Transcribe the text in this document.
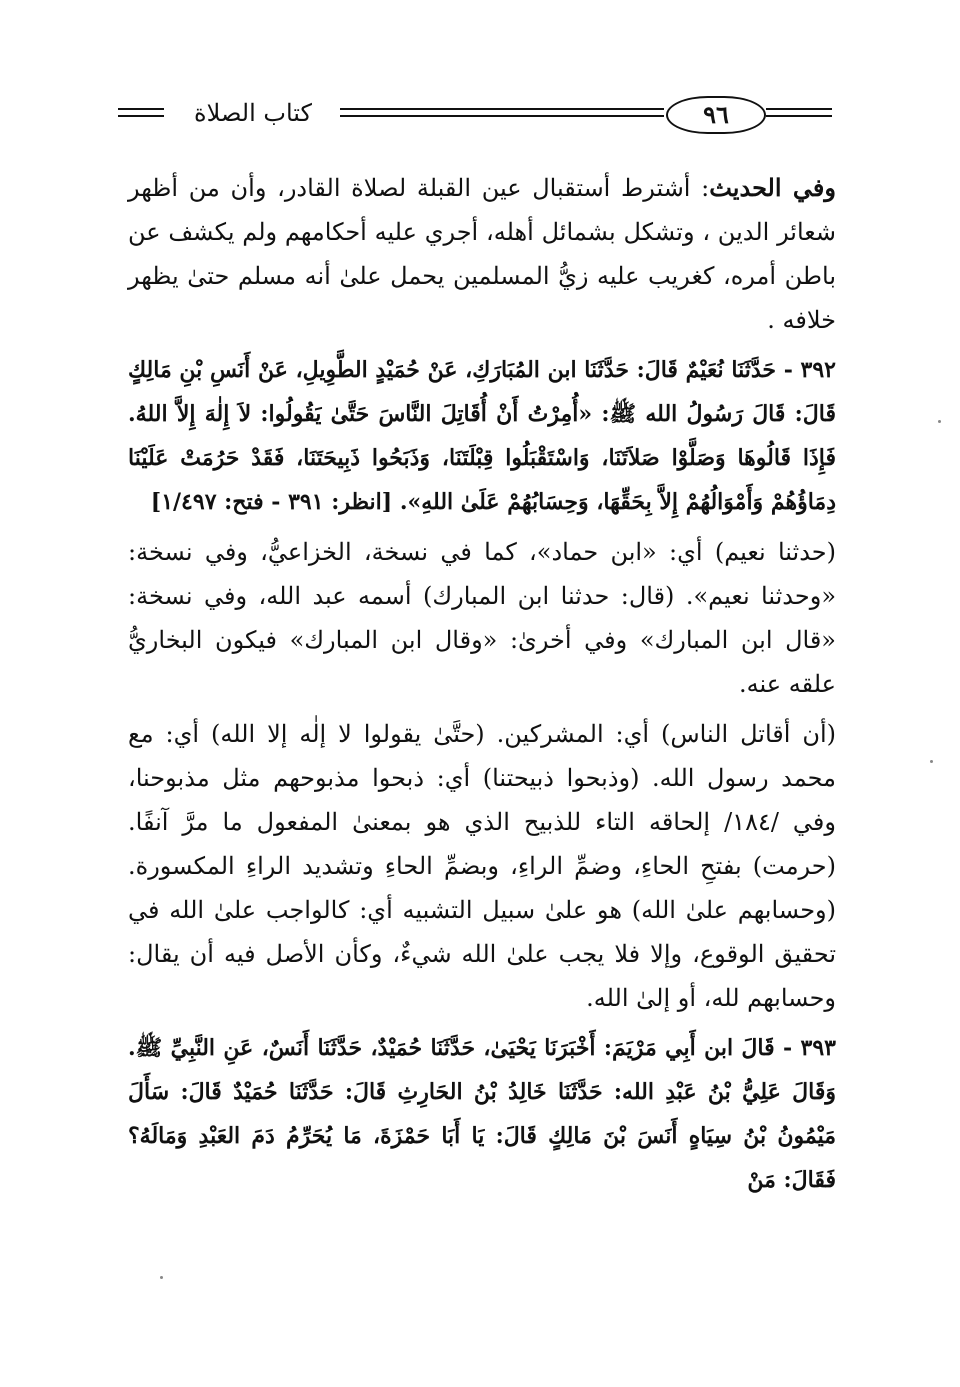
كتاب الصلاة	٩٦

وفي الحديث: أشترط أستقبال عين القبلة لصلاة القادر، وأن من أظهر شعائر الدين ، وتشكل بشمائل أهله، أجري عليه أحكامهم ولم يكشف عن باطن أمره، كغريب عليه زيُّ المسلمين يحمل علىٰ أنه مسلم حتىٰ يظهر خلافه .

٣٩٢ - حَدَّثَنَا نُعَيْمٌ قَالَ: حَدَّثَنَا ابن المُبَارَكِ، عَنْ حُمَيْدٍ الطَّوِيلِ، عَنْ أَنَسِ بْنِ مَالِكٍ قَالَ: قَالَ رَسُولُ الله ﷺ: «أُمِرْتُ أَنْ أُقَاتِلَ النَّاسَ حَتَّىٰ يَقُولُوا: لاَ إِلٰهَ إِلاَّ اللهُ. فَإِذَا قَالُوهَا وَصَلَّوْا صَلاَتَنَا، وَاسْتَقْبَلُوا قِبْلَتَنَا، وَذَبَحُوا ذَبِيحَتَنَا، فَقَدْ حَرُمَتْ عَلَيْنَا دِمَاؤُهُمْ وَأَمْوَالُهُمْ إِلاَّ بِحَقِّهَا، وَحِسَابُهُمْ عَلَىٰ اللهِ». [انظر: ٣٩١ - فتح: ١/٤٩٧]

(حدثنا نعيم) أي: «ابن حماد»، كما في نسخة، الخزاعيُّ، وفي نسخة: «وحدثنا نعيم». (قال: حدثنا ابن المبارك) أسمه عبد الله، وفي نسخة: «قال ابن المبارك» وفي أخرىٰ: «وقال ابن المبارك» فيكون البخاريُّ علقه عنه.

(أن أقاتل الناس) أي: المشركين. (حتَّىٰ يقولوا لا إلٰه إلا الله) أي: مع محمد رسول الله. (وذبحوا ذبيحتنا) أي: ذبحوا مذبوحهم مثل مذبوحنا، وفي /١٨٤/ إلحاقه التاء للذبيح الذي هو بمعنىٰ المفعول ما مرَّ آنفًا. (حرمت) بفتحِ الحاءِ، وضمِّ الراءِ، وبضمِّ الحاءِ وتشديد الراءِ المكسورة. (وحسابهم علىٰ الله) هو علىٰ سبيل التشبيه أي: كالواجب علىٰ الله في تحقيق الوقوع، وإلا فلا يجب علىٰ الله شيءٌ، وكأن الأصل فيه أن يقال: وحسابهم لله، أو إلىٰ الله.

٣٩٣ - قَالَ ابن أَبِي مَرْيَمَ: أَخْبَرَنَا يَحْيَىٰ، حَدَّثَنَا حُمَيْدٌ، حَدَّثَنَا أَنَسٌ، عَنِ النَّبِيِّ ﷺ. وَقَالَ عَلِيُّ بْنُ عَبْدِ الله: حَدَّثَنَا خَالِدُ بْنُ الحَارِثِ قَالَ: حَدَّثَنَا حُمَيْدٌ قَالَ: سَأَلَ مَيْمُونُ بْنُ سِيَاهٍ أَنَسَ بْنَ مَالِكٍ قَالَ: يَا أَبَا حَمْزَةَ، مَا يُحَرِّمُ دَمَ العَبْدِ وَمَالَهُ؟ فَقَالَ: مَنْ
